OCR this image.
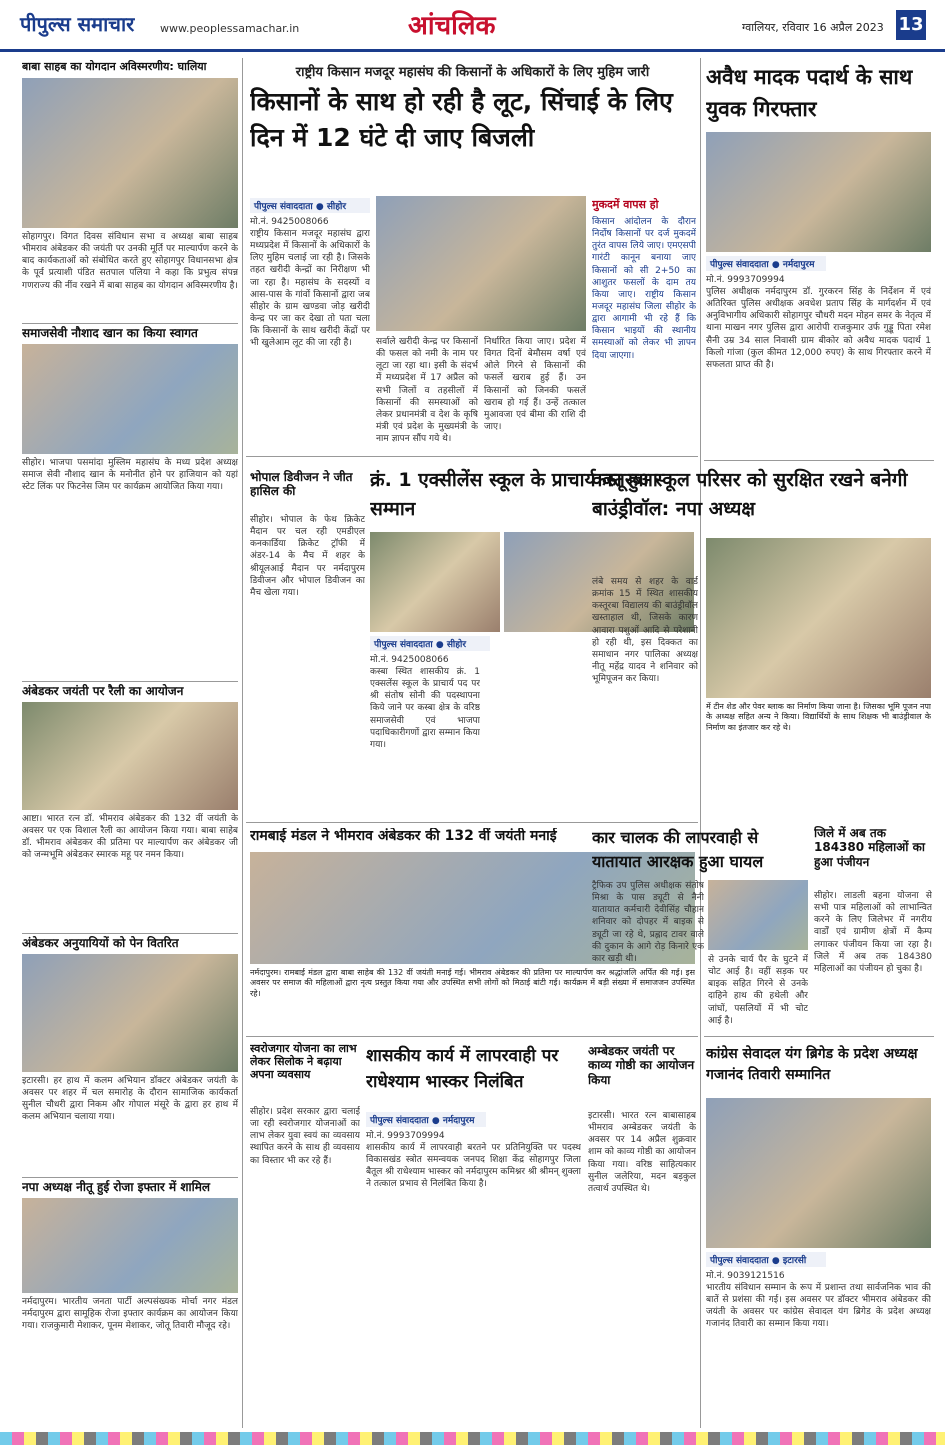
पीपुल्स समाचार www.peoplessamachar.in	आंचलिक	ग्वालियर, रविवार 16 अप्रैल 2023 13
बाबा साहब का योगदान अविस्मरणीय: घालिया
सोहागपुर। विगत दिवस संविधान सभा व अध्यक्ष बाबा साहब भीमराव अंबेडकर की जयंती पर उनकी मूर्ति पर माल्यार्पण करने के बाद कार्यकताओं को संबोधित करते हुए सोहागपुर विधानसभा क्षेत्र के पूर्व प्रत्याशी पंडित सतपाल पलिया ने कहा कि प्रभुत्व संपन्न गणराज्य की नींव रखने में बाबा साहब का योगदान अविस्मरणीय है।
समाजसेवी नौशाद खान का किया स्वागत
सीहोर। भाजपा पसमांदा मुस्लिम महासंघ के मध्य प्रदेश अध्यक्ष समाज सेवी नौशाद खान के मनोनीत होने पर हाजियान को यहां स्टेट लिंक पर फिटनेस जिम पर कार्यक्रम आयोजित किया गया।
अंबेडकर जयंती पर रैली का आयोजन
आष्टा। भारत रत्न डॉ. भीमराव अंबेडकर की 132 वीं जयंती के अवसर पर एक विशाल रैली का आयोजन किया गया। बाबा साहेब डॉ. भीमराव अंबेडकर की प्रतिमा पर माल्यार्पण कर अंबेडकर जी को जन्मभूमि अंबेडकर स्मारक महू पर नमन किया।
अंबेडकर अनुयायियों को पेन वितरित
इटारसी। हर हाथ में कलम अभियान डॉक्टर अंबेडकर जयंती के अवसर पर शहर में चल समारोह के दौरान सामाजिक कार्यकर्ता सुनील चौधरी द्वारा निकम और गोपाल मंसूरे के द्वारा हर हाथ में कलम अभियान चलाया गया।
नपा अध्यक्ष नीतू हुई रोजा इफ्तार में शामिल
नर्मदापुरम। भारतीय जनता पार्टी अल्पसंख्यक मोर्चा नगर मंडल नर्मदापुरम द्वारा सामूहिक रोजा इफ्तार कार्यक्रम का आयोजन किया गया। राजकुमारी मेशाकर, पूनम मेशाकर, जोतू तिवारी मौजूद रहे।
राष्ट्रीय किसान मजदूर महासंघ की किसानों के अधिकारों के लिए मुहिम जारी
किसानों के साथ हो रही है लूट, सिंचाई के लिए दिन में 12 घंटे दी जाए बिजली
पीपुल्स संवाददाता ● सीहोर
मो.नं. 9425008066
राष्ट्रीय किसान मजदूर महासंघ द्वारा मध्यप्रदेश में किसानों के अधिकारों के लिए मुहिम चलाई जा रही है। जिसके तहत खरीदी केन्द्रों का निरीक्षण भी जा रहा है। महासंघ के सदस्यों व आस-पास के गांवों किसानों द्वारा जब सीहोर के ग्राम खण्डवा जोड़ खरीदी केन्द्र पर जा कर देखा तो पता चला कि किसानों के साथ खरीदी केंद्रों पर भी खुलेआम लूट की जा रही है।	सर्वाले खरीदी केन्द्र पर किसानों की फसल को नमी के नाम पर लूटा जा रहा था। इसी के संदर्भ में मध्यप्रदेश में 17 अप्रैल को सभी जिलों व तहसीलों में किसानों की समस्याओं को लेकर प्रधानमंत्री व देश के कृषि मंत्री एवं प्रदेश के मुख्यमंत्री के नाम ज्ञापन सौंप गये थे।
निर्धारित किया जाए। प्रदेश में विगत दिनों बेमौसम वर्षा एवं ओले गिरने से किसानों की फसलें खराब हुई हैं। उन किसानों को जिनकी फसलें खराब हो गई हैं। उन्हें तत्काल मुआवजा एवं बीमा की राशि दी जाए।
मुकदमें वापस हो
किसान आंदोलन के दौरान निर्दोष किसानों पर दर्ज मुकदमें तुरंत वापस लिये जाए। एमएसपी गारंटी कानून बनाया जाए किसानों को सी 2+50 का आशुतर फसलों के दाम तय किया जाए। राष्ट्रीय किसान मजदूर महासंघ जिला सीहोर के द्वारा आगामी भी रहे हैं कि किसान भाइयों की स्थानीय समस्याओं को लेकर भी ज्ञापन दिया जाएगा।
भोपाल डिवीजन ने जीत हासिल की
सीहोर। भोपाल के फेथ क्रिकेट मैदान पर चल रही एमडीएल कनकार्डिया क्रिकेट ट्रॉफी में अंडर-14 के मैच में शहर के श्रीयूलआई मैदान पर नर्मदापुरम डिवीजन और भोपाल डिवीजन का मैच खेला गया।
क्रं. 1 एक्सीलेंस स्कूल के प्राचार्य का हुआ सम्मान
पीपुल्स संवाददाता ● सीहोर
मो.नं. 9425008066
कस्बा स्थित शासकीय क्रं. 1 एक्सलेंस स्कूल के प्राचार्य पद पर श्री संतोष सोनी की पदस्थापना किये जाने पर कस्बा क्षेत्र के वरिष्ठ समाजसेवी एवं भाजपा पदाधिकारीगणों द्वारा सम्मान किया गया।
रामबाई मंडल ने भीमराव अंबेडकर की 132 वीं जयंती मनाई
नर्मदापुरम। रामबाई मंडल द्वारा बाबा साहेब की 132 वीं जयंती मनाई गई। भीमराव अंबेडकर की प्रतिमा पर माल्यार्पण कर श्रद्धांजलि अर्पित की गई। इस अवसर पर समाज की महिलाओं द्वारा नृत्य प्रस्तुत किया गया और उपस्थित सभी लोगों को मिठाई बांटी गई। कार्यक्रम में बड़ी संख्या में समाजजन उपस्थित रहे।
स्वरोजगार योजना का लाभ लेकर सिलोक ने बढ़ाया अपना व्यवसाय
सीहोर। प्रदेश सरकार द्वारा चलाई जा रही स्वरोजगार योजनाओं का लाभ लेकर युवा स्वयं का व्यवसाय स्थापित करने के साथ ही व्यवसाय का विस्तार भी कर रहे हैं।
शासकीय कार्य में लापरवाही पर राधेश्याम भास्कर निलंबित
पीपुल्स संवाददाता ● नर्मदापुरम
मो.नं. 9993709994
शासकीय कार्य में लापरवाही बरतने पर प्रतिनियुक्ति पर पदस्थ विकासखंड स्त्रोत समन्वयक जनपद शिक्षा केंद्र सोहागपुर जिला बैतूल श्री राधेश्याम भास्कर को नर्मदापुरम कमिश्नर श्री श्रीमन् शुक्ला ने तत्काल प्रभाव से निलंबित किया है।
अम्बेडकर जयंती पर काव्य गोष्ठी का आयोजन किया
इटारसी। भारत रत्न बाबासाहब भीमराव अम्बेडकर जयंती के अवसर पर 14 अप्रैल शुक्रवार शाम को काव्य गोष्ठी का आयोजन किया गया। वरिष्ठ साहित्यकार सुनील जलेरिया, मदन बड़कुल तत्वार्थ उपस्थित थे।
अवैध मादक पदार्थ के साथ युवक गिरफ्तार
पीपुल्स संवाददाता ● नर्मदापुरम
मो.नं. 9993709994
पुलिस अधीक्षक नर्मदापुरम डॉ. गुरकरन सिंह के निर्देशन में एवं अतिरिक्त पुलिस अधीक्षक अवधेश प्रताप सिंह के मार्गदर्शन में एवं अनुविभागीय अधिकारी सोहागपुर चौधरी मदन मोहन समर के नेतृत्व में थाना माखन नगर पुलिस द्वारा आरोपी राजकुमार उर्फ गुड्डू पिता रमेश सैनी उम्र 34 साल निवासी ग्राम बीकोर को अवैध मादक पदार्थ 1 किलो गांजा (कुल कीमत 12,000 रुपए) के साथ गिरफ्तार करने में सफलता प्राप्त की है।
कस्तूरबा स्कूल परिसर को सुरक्षित रखने बनेगी बाउंड्रीवॉल: नपा अध्यक्ष
लंबे समय से शहर के वार्ड क्रमांक 15 में स्थित शासकीय कस्तूरबा विद्यालय की बाउंड्रीवॉल खस्ताहाल थी, जिसके कारण आवारा पशुओं आदि से परेशानी हो रही थी, इस दिक्कत का समाधान नगर पालिका अध्यक्ष नीतू महेंद्र यादव ने शनिवार को भूमिपूजन कर किया।
में टीन शेड और पेवर ब्लाक का निर्माण किया जाना है। जिसका भूमि पूजन नपा के अध्यक्ष सहित अन्य ने किया। विद्यार्थियों के साथ शिक्षक भी बाउंड्रीवाल के निर्माण का इंतजार कर रहे थे।
कार चालक की लापरवाही से यातायात आरक्षक हुआ घायल
ट्रैफिक उप पुलिस अधीक्षक संतोष मिश्रा के पास ड्यूटी से नैनी यातायात कर्मचारी देवीसिंह चौहान शनिवार को दोपहर में बाइक से ड्यूटी जा रहे थे, प्रह्लाद टावर वाले की दुकान के आगे रोड़ किनारे एक कार खड़ी थी।	से उनके चार्य पैर के घुटने में चोट आई है। वहीं सड़क पर बाइक सहित गिरने से उनके दाहिने हाथ की हथेली और जांघों, पसलियों में भी चोट आई है।
जिले में अब तक 184380 महिलाओं का हुआ पंजीयन
सीहोर। लाडली बहना योजना से सभी पात्र महिलाओं को लाभान्वित करने के लिए जिलेभर में नगरीय वार्डों एवं ग्रामीण क्षेत्रों में कैम्प लगाकर पंजीयन किया जा रहा है। जिले में अब तक 184380 महिलाओं का पंजीयन हो चुका है।
कांग्रेस सेवादल यंग ब्रिगेड के प्रदेश अध्यक्ष गजानंद तिवारी सम्मानित
पीपुल्स संवाददाता ● इटारसी
मो.नं. 9039121516
भारतीय संविधान सम्मान के रूप में प्रशान्त तथा सार्वजनिक भाव की बातें से प्रशंसा की गई। इस अवसर पर डॉक्टर भीमराव अंबेडकर की जयंती के अवसर पर कांग्रेस सेवादल यंग ब्रिगेड के प्रदेश अध्यक्ष गजानंद तिवारी का सम्मान किया गया।
